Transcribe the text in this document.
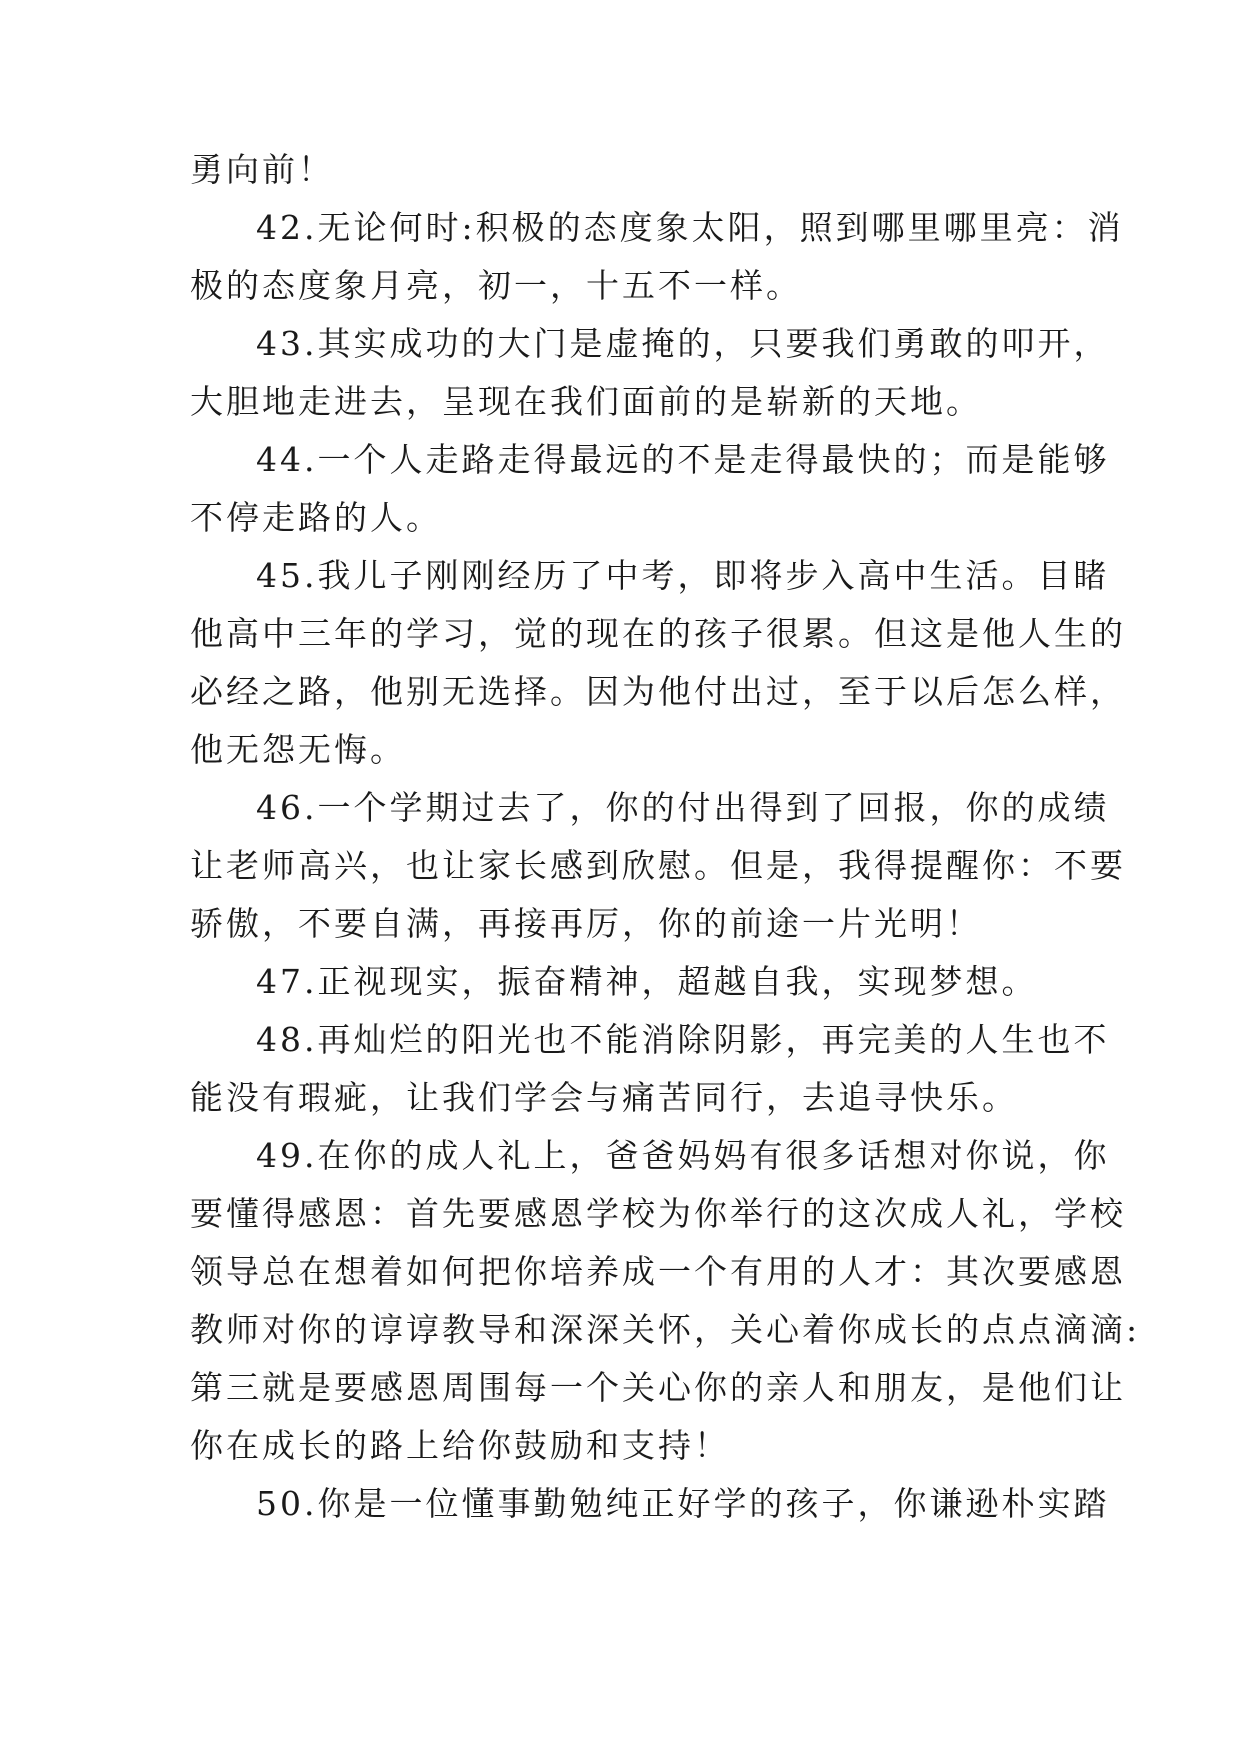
勇向前！
42.无论何时:积极的态度象太阳，照到哪里哪里亮：消
极的态度象月亮，初一，十五不一样。
43.其实成功的大门是虚掩的，只要我们勇敢的叩开，
大胆地走进去，呈现在我们面前的是崭新的天地。
44.一个人走路走得最远的不是走得最快的；而是能够
不停走路的人。
45.我儿子刚刚经历了中考，即将步入高中生活。目睹
他高中三年的学习，觉的现在的孩子很累。但这是他人生的
必经之路，他别无选择。因为他付出过，至于以后怎么样，
他无怨无悔。
46.一个学期过去了，你的付出得到了回报，你的成绩
让老师高兴，也让家长感到欣慰。但是，我得提醒你：不要
骄傲，不要自满，再接再厉，你的前途一片光明！
47.正视现实，振奋精神，超越自我，实现梦想。
48.再灿烂的阳光也不能消除阴影，再完美的人生也不
能没有瑕疵，让我们学会与痛苦同行，去追寻快乐。
49.在你的成人礼上，爸爸妈妈有很多话想对你说，你
要懂得感恩：首先要感恩学校为你举行的这次成人礼，学校
领导总在想着如何把你培养成一个有用的人才：其次要感恩
教师对你的谆谆教导和深深关怀，关心着你成长的点点滴滴:
第三就是要感恩周围每一个关心你的亲人和朋友，是他们让
你在成长的路上给你鼓励和支持！
50.你是一位懂事勤勉纯正好学的孩子，你谦逊朴实踏
